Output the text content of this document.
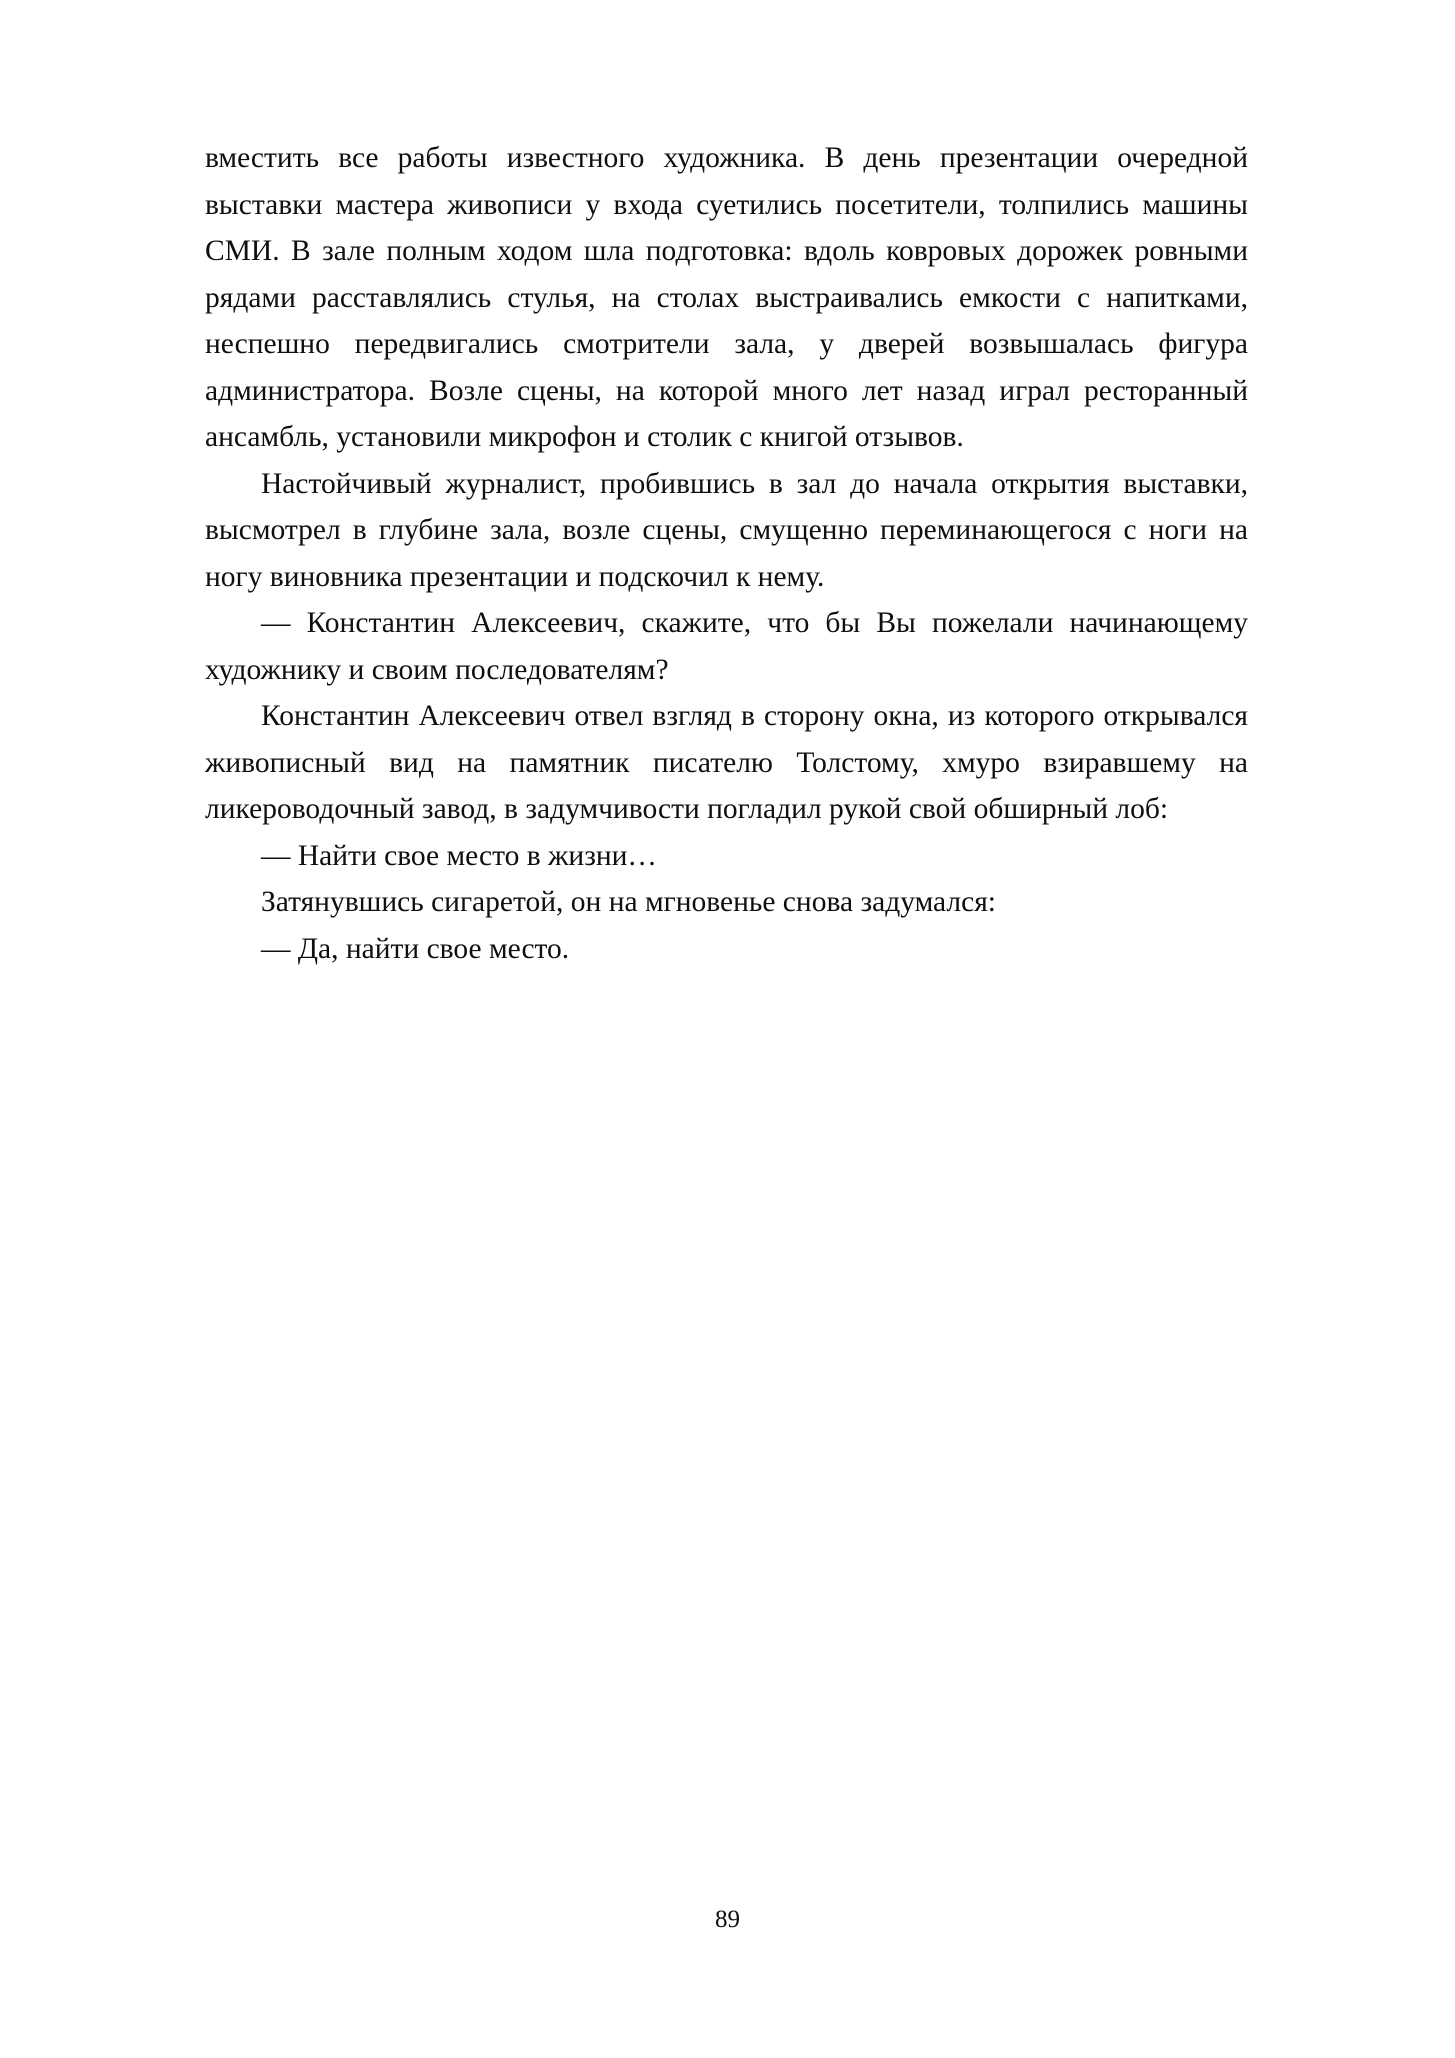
вместить все работы известного художника. В день презентации очередной выставки мастера живописи у входа суетились посетители, толпились машины СМИ. В зале полным ходом шла подготовка: вдоль ковровых дорожек ровными рядами расставлялись стулья, на столах выстраивались емкости с напитками, неспешно передвигались смотрители зала, у дверей возвышалась фигура администратора. Возле сцены, на которой много лет назад играл ресторанный ансамбль, установили микрофон и столик с книгой отзывов.

Настойчивый журналист, пробившись в зал до начала открытия выставки, высмотрел в глубине зала, возле сцены, смущенно переминающегося с ноги на ногу виновника презентации и подскочил к нему.

— Константин Алексеевич, скажите, что бы Вы пожелали начинающему художнику и своим последователям?

Константин Алексеевич отвел взгляд в сторону окна, из которого открывался живописный вид на памятник писателю Толстому, хмуро взиравшему на ликероводочный завод, в задумчивости погладил рукой свой обширный лоб:

— Найти свое место в жизни…

Затянувшись сигаретой, он на мгновенье снова задумался:

— Да, найти свое место.

89
